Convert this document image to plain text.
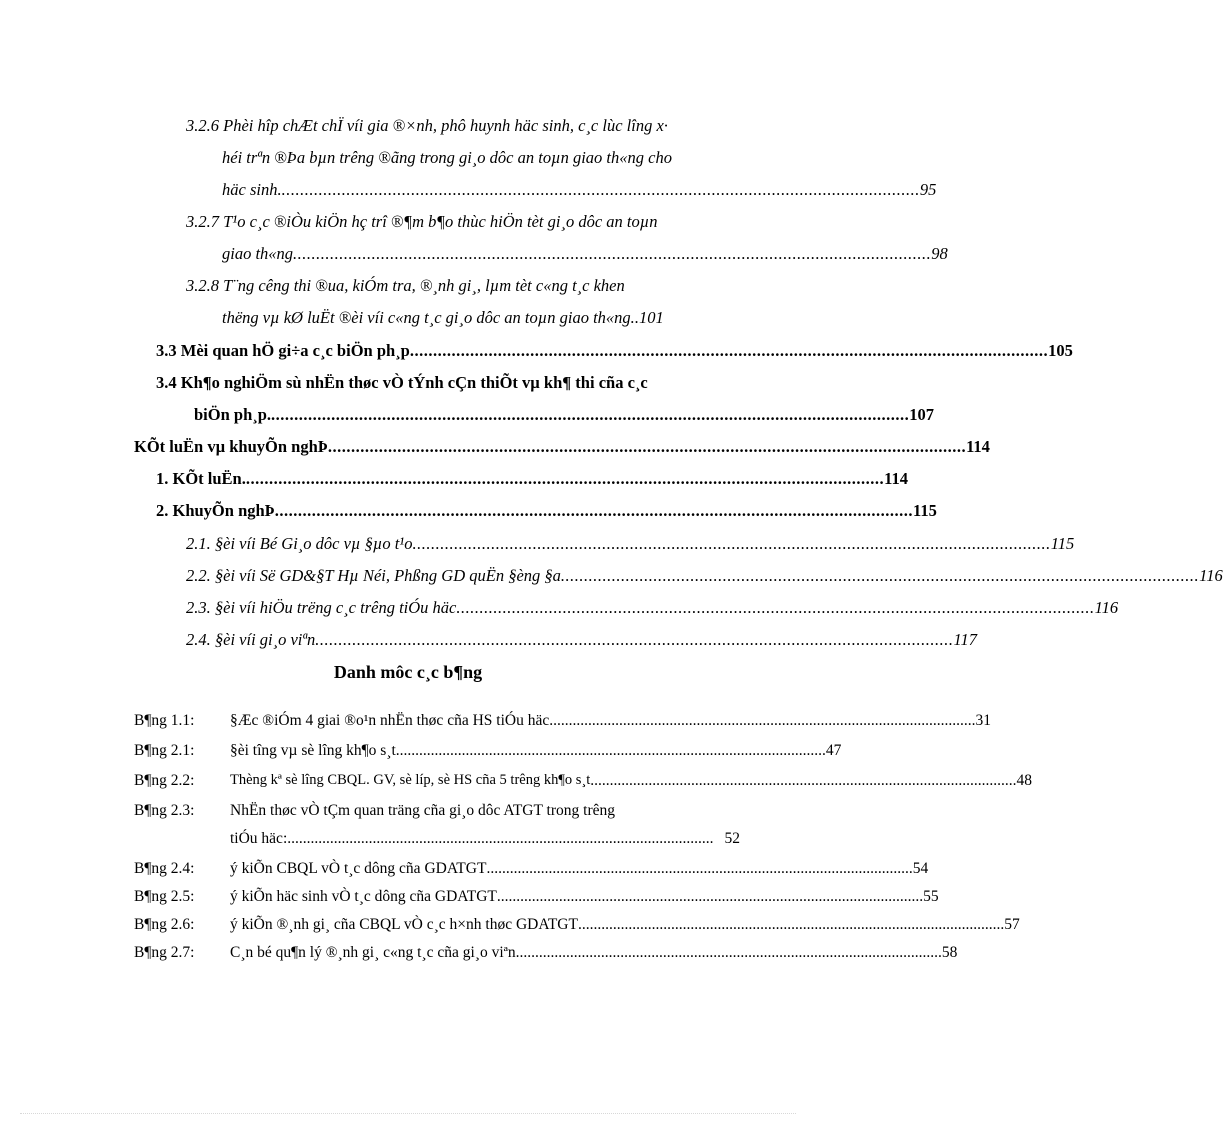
3.2.6 Phèi hîp chÆt chÏ víi gia ®×nh, phô huynh häc sinh, c¸c lùc lîng x·
héi trªn ®Þa bµn trêng ®ãng trong gi¸o dôc an toµn giao th«ng cho
häc sinh. .......................................................................................................................................... 95
3.2.7 T¹o c¸c ®iÒu kiÖn hç trî ®¶m b¶o thùc hiÖn tèt gi¸o dôc an toµn
giao th«ng .......................................................................................................................................... 98
3.2.8 T¨ng cêng thi ®ua, kiÓm tra, ®¸nh gi¸, lµm tèt c«ng t¸c khen
thëng vµ kØ luËt ®èi víi c«ng t¸c gi¸o dôc an toµn giao th«ng. .101
3.3 Mèi quan hÖ gi÷a c¸c biÖn ph¸p .......................................................................................................................................... 105
3.4 Kh¶o nghiÖm sù nhËn thøc vÒ tÝnh cÇn thiÕt vµ kh¶ thi cña c¸c
biÖn ph¸p. .......................................................................................................................................... 107
KÕt luËn vµ khuyÕn nghÞ .......................................................................................................................................... 114
1. KÕt luËn. .......................................................................................................................................... 114
2. KhuyÕn nghÞ .......................................................................................................................................... 115
2.1. §èi víi Bé Gi¸o dôc vµ §µo t¹o .......................................................................................................................................... 115
2.2. §èi víi Së GD&§T Hµ Néi, Phßng GD quËn §èng §a .......................................................................................................................................... 116
2.3. §èi víi hiÖu trëng c¸c trêng tiÓu häc .......................................................................................................................................... 116
2.4. §èi víi gi¸o viªn .......................................................................................................................................... 117
Danh môc c¸c b¶ng
B¶ng 1.1: §Æc ®iÓm 4 giai ®o¹n nhËn thøc cña HS tiÓu häc .............................................................................................................. 31
B¶ng 2.1: §èi tîng vµ sè lîng kh¶o s¸t. .............................................................................................................. 47
B¶ng 2.2: Thèng kª sè lîng CBQL. GV, sè líp, sè HS cña 5 trêng kh¶o s¸t .............................................................................................................. 48
B¶ng 2.3: NhËn thøc vÒ tÇm quan träng cña gi¸o dôc ATGT trong trêng
tiÓu häc: .............................................................................................................. 52
B¶ng 2.4: ý kiÕn CBQL vÒ t¸c dông cña GDATGT .............................................................................................................. 54
B¶ng 2.5: ý kiÕn häc sinh vÒ t¸c dông cña GDATGT .............................................................................................................. 55
B¶ng 2.6: ý kiÕn ®¸nh gi¸ cña CBQL vÒ c¸c h×nh thøc GDATGT .............................................................................................................. 57
B¶ng 2.7: C¸n bé qu¶n lý ®¸nh gi¸ c«ng t¸c cña gi¸o viªn .............................................................................................................. 58
